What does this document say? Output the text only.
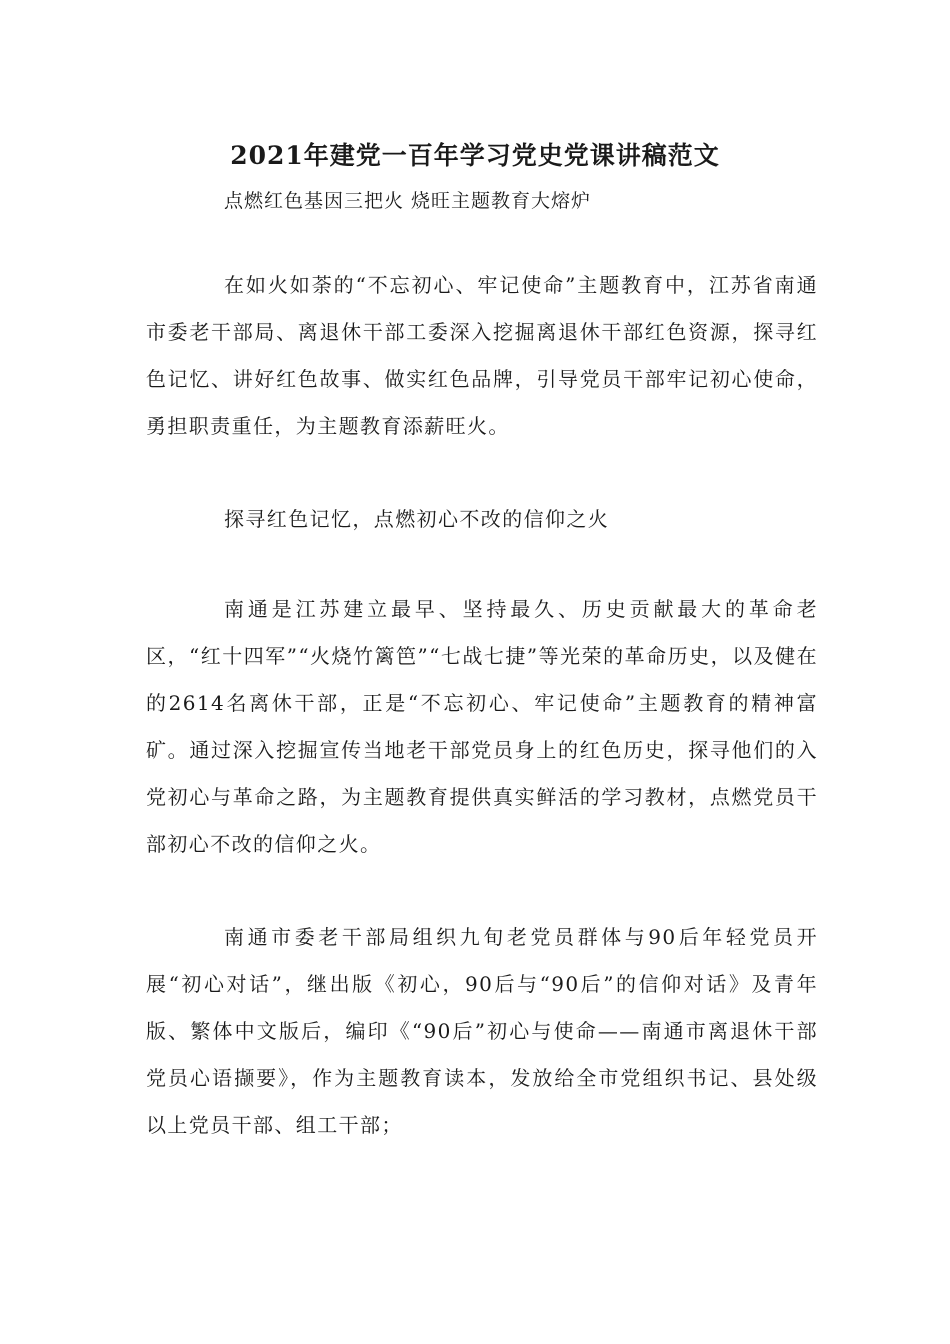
2021年建党一百年学习党史党课讲稿范文
点燃红色基因三把火 烧旺主题教育大熔炉

在如火如荼的“不忘初心、牢记使命”主题教育中，江苏省南通市委老干部局、离退休干部工委深入挖掘离退休干部红色资源，探寻红色记忆、讲好红色故事、做实红色品牌，引导党员干部牢记初心使命，勇担职责重任，为主题教育添薪旺火。

探寻红色记忆，点燃初心不改的信仰之火

南通是江苏建立最早、坚持最久、历史贡献最大的革命老区，“红十四军”“火烧竹篱笆”“七战七捷”等光荣的革命历史，以及健在的2614名离休干部，正是“不忘初心、牢记使命”主题教育的精神富矿。通过深入挖掘宣传当地老干部党员身上的红色历史，探寻他们的入党初心与革命之路，为主题教育提供真实鲜活的学习教材，点燃党员干部初心不改的信仰之火。

南通市委老干部局组织九旬老党员群体与90后年轻党员开展“初心对话”，继出版《初心，90后与“90后”的信仰对话》及青年版、繁体中文版后，编印《“90后”初心与使命——南通市离退休干部党员心语撷要》，作为主题教育读本，发放给全市党组织书记、县处级以上党员干部、组工干部；
